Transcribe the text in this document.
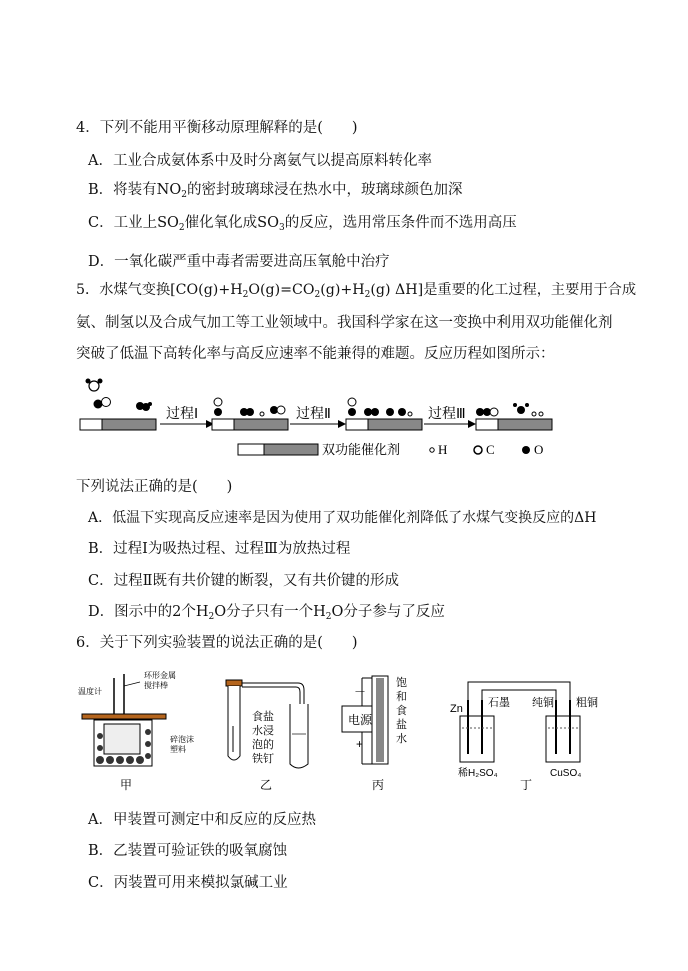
4．下列不能用平衡移动原理解释的是(　　)
A．工业合成氨体系中及时分离氨气以提高原料转化率
B．将装有$NO_2$的密封玻璃球浸在热水中，玻璃球颜色加深
C．工业上$SO_2$催化氧化成$SO_3$的反应，选用常压条件而不选用高压
D．一氧化碳严重中毒者需要进高压氧舱中治疗
5．水煤气变换[$CO(g)+H_2O(g)=CO_2(g)+H_2(g)$ ΔH]是重要的化工过程，主要用于合成
氨、制氢以及合成气加工等工业领域中。我国科学家在这一变换中利用双功能催化剂
突破了低温下高转化率与高反应速率不能兼得的难题。反应历程如图所示：
过程Ⅰ	过程Ⅱ	过程Ⅲ
双功能催化剂	H	C	O
下列说法正确的是(　　)
A．低温下实现高反应速率是因为使用了双功能催化剂降低了水煤气变换反应的ΔH
B．过程Ⅰ为吸热过程、过程Ⅲ为放热过程
C．过程Ⅱ既有共价键的断裂，又有共价键的形成
D．图示中的2个$H_2O$分子只有一个$H_2O$分子参与了反应
6．关于下列实验装置的说法正确的是(　　)
温度计
环形金属
搅拌棒
碎泡沫
塑料
甲
食盐
水浸
泡的
铁钉
乙
电源
－
+
饱
和
食
盐
水
丙
Zn 石墨 纯铜 粗铜
稀H₂SO₄	CuSO₄
丁
A．甲装置可测定中和反应的反应热
B．乙装置可验证铁的吸氧腐蚀
C．丙装置可用来模拟氯碱工业
